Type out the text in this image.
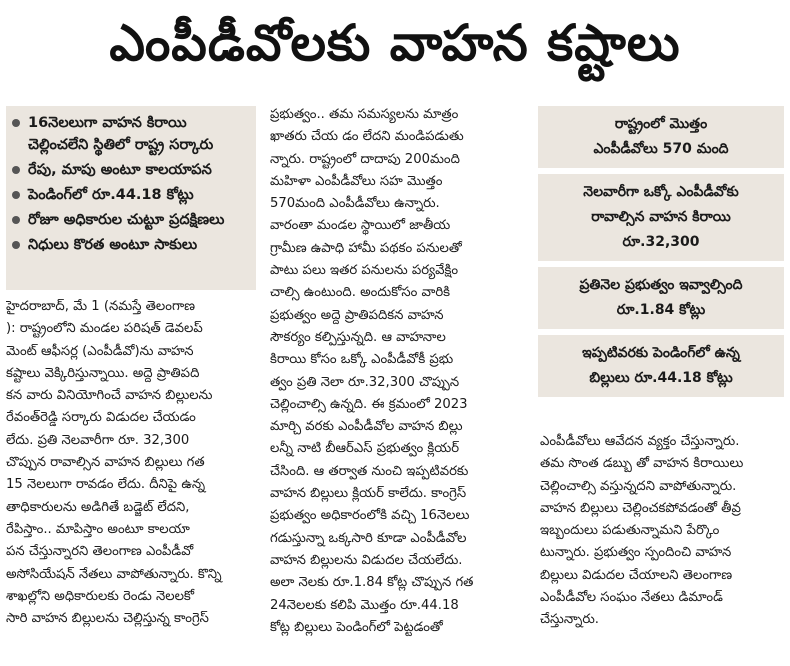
ఎంపీడీవోలకు వాహన కష్టాలు
16నెలలుగా వాహన కిరాయి
చెల్లించలేని స్థితిలో రాష్ట్ర సర్కారు
రేపు, మాపు అంటూ కాలయాపన
పెండింగ్‌లో రూ.44.18 కోట్లు
రోజూ అధికారుల చుట్టూ ప్రదక్షిణలు
నిధులు కొరత అంటూ సాకులు

హైదరాబాద్, మే 1 (నమస్తే తెలంగాణ

): రాష్ట్రంలోని మండల పరిషత్ డెవలప్

మెంట్ ఆఫీసర్ల (ఎంపీడీవో)ను వాహన

కష్టాలు వెక్కిరిస్తున్నాయి. అద్దె ప్రాతిపది

కన వారు వినియోగించే వాహన బిల్లులను

రేవంత్‌రెడ్డి సర్కారు విడుదల చేయడం

లేదు. ప్రతి నెలవారీగా రూ. 32,300

చొప్పున రావాల్సిన వాహన బిల్లులు గత

15 నెలలుగా రావడం లేదు. దీనిపై ఉన్న

తాధికారులను అడిగితే బడ్జెట్ లేదని,

రేపిస్తాం.. మాపిస్తాం అంటూ కాలయా

పన చేస్తున్నారని తెలంగాణ ఎంపీడీవో

అసోసియేషన్ నేతలు వాపోతున్నారు. కొన్ని

శాఖల్లోని అధికారులకు రెండు నెలలకో

సారి వాహన బిల్లులను చెల్లిస్తున్న కాంగ్రెస్

ప్రభుత్వం.. తమ సమస్యలను మాత్రం

ఖాతరు చేయ డం లేదని మండిపడుతు

న్నారు. రాష్ట్రంలో దాదాపు 200మంది

మహిళా ఎంపీడీవోలు సహ మొత్తం

570మంది ఎంపీడీవోలు ఉన్నారు.

వారంతా మండల స్థాయిలో జాతీయ

గ్రామీణ ఉపాధి హామీ పథకం పనులతో

పాటు పలు ఇతర పనులను పర్యవేక్షిం

చాల్సి ఉంటుంది. అందుకోసం వారికి

ప్రభుత్వం అద్దె ప్రాతిపదికన వాహన

సౌకర్యం కల్పిస్తున్నది. ఆ వాహనాల

కిరాయి కోసం ఒక్కో ఎంపీడీవోకీ ప్రభు

త్వం ప్రతి నెలా రూ.32,300 చొప్పున

చెల్లించాల్సి ఉన్నది. ఈ క్రమంలో 2023

మార్చి వరకు ఎంపీడీవోల వాహన బిల్లు

లన్నీ నాటి బీఆర్ఎస్ ప్రభుత్వం క్లియర్

చేసింది. ఆ తర్వాత నుంచి ఇప్పటివరకు

వాహన బిల్లులు క్లియర్ కాలేదు. కాంగ్రెస్

ప్రభుత్వం అధికారంలోకి వచ్చి 16నెలలు

గడుస్తున్నా ఒక్కసారి కూడా ఎంపీడీవోల

వాహన బిల్లులను విడుదల చేయలేదు.

అలా నెలకు రూ.1.84 కోట్ల చొప్పున గత

24నెలలకు కలిపి మొత్తం రూ.44.18

కోట్ల బిల్లులు పెండింగ్‌లో పెట్టడంతో

రాష్ట్రంలో మొత్తం

ఎంపీడీవోలు 570 మంది

నెలవారీగా ఒక్కో ఎంపీడీవోకు

రావాల్సిన వాహన కిరాయి

రూ.32,300

ప్రతినెల ప్రభుత్వం ఇవ్వాల్సింది

రూ.1.84 కోట్లు

ఇప్పటివరకు పెండింగ్‌లో ఉన్న

బిల్లులు రూ.44.18 కోట్లు

ఎంపీడీవోలు ఆవేదన వ్యక్తం చేస్తున్నారు.

తమ సొంత డబ్బు తో వాహన కిరాయిలు

చెల్లించాల్సి వస్తున్నదని వాపోతున్నారు.

వాహన బిల్లులు చెల్లించకపోవడంతో తీవ్ర

ఇబ్బందులు పడుతున్నామని పేర్కొం

టున్నారు. ప్రభుత్వం స్పందించి వాహన

బిల్లులు విడుదల చేయాలని తెలంగాణ

ఎంపీడీవోల సంఘం నేతలు డిమాండ్

చేస్తున్నారు.
